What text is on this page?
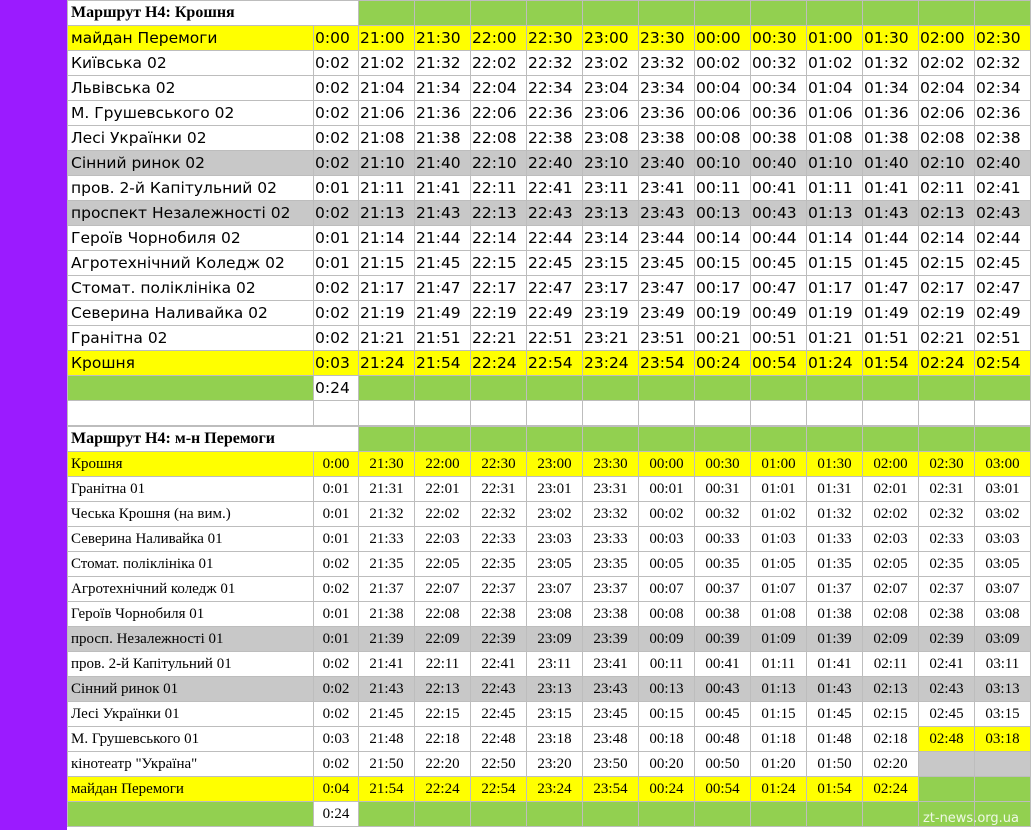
Маршрут Н4: Крошня													
майдан Перемоги	0:00	21:00	21:30	22:00	22:30	23:00	23:30	00:00	00:30	01:00	01:30	02:00	02:30
Київська 02	0:02	21:02	21:32	22:02	22:32	23:02	23:32	00:02	00:32	01:02	01:32	02:02	02:32
Львівська 02	0:02	21:04	21:34	22:04	22:34	23:04	23:34	00:04	00:34	01:04	01:34	02:04	02:34
М. Грушевського 02	0:02	21:06	21:36	22:06	22:36	23:06	23:36	00:06	00:36	01:06	01:36	02:06	02:36
Лесі Українки 02	0:02	21:08	21:38	22:08	22:38	23:08	23:38	00:08	00:38	01:08	01:38	02:08	02:38
Сінний ринок 02	0:02	21:10	21:40	22:10	22:40	23:10	23:40	00:10	00:40	01:10	01:40	02:10	02:40
пров. 2-й Капітульний 02	0:01	21:11	21:41	22:11	22:41	23:11	23:41	00:11	00:41	01:11	01:41	02:11	02:41
проспект Незалежності 02	0:02	21:13	21:43	22:13	22:43	23:13	23:43	00:13	00:43	01:13	01:43	02:13	02:43
Героїв Чорнобиля 02	0:01	21:14	21:44	22:14	22:44	23:14	23:44	00:14	00:44	01:14	01:44	02:14	02:44
Агротехнічний Коледж 02	0:01	21:15	21:45	22:15	22:45	23:15	23:45	00:15	00:45	01:15	01:45	02:15	02:45
Стомат. поліклініка 02	0:02	21:17	21:47	22:17	22:47	23:17	23:47	00:17	00:47	01:17	01:47	02:17	02:47
Северина Наливайка 02	0:02	21:19	21:49	22:19	22:49	23:19	23:49	00:19	00:49	01:19	01:49	02:19	02:49
Гранітна 02	0:02	21:21	21:51	22:21	22:51	23:21	23:51	00:21	00:51	01:21	01:51	02:21	02:51
Крошня	0:03	21:24	21:54	22:24	22:54	23:24	23:54	00:24	00:54	01:24	01:54	02:24	02:54
	0:24												

Маршрут Н4: м-н Перемоги													
Крошня	0:00	21:30	22:00	22:30	23:00	23:30	00:00	00:30	01:00	01:30	02:00	02:30	03:00
Гранітна 01	0:01	21:31	22:01	22:31	23:01	23:31	00:01	00:31	01:01	01:31	02:01	02:31	03:01
Чеська Крошня (на вим.)	0:01	21:32	22:02	22:32	23:02	23:32	00:02	00:32	01:02	01:32	02:02	02:32	03:02
Северина Наливайка 01	0:01	21:33	22:03	22:33	23:03	23:33	00:03	00:33	01:03	01:33	02:03	02:33	03:03
Стомат. поліклініка 01	0:02	21:35	22:05	22:35	23:05	23:35	00:05	00:35	01:05	01:35	02:05	02:35	03:05
Агротехнічний коледж 01	0:02	21:37	22:07	22:37	23:07	23:37	00:07	00:37	01:07	01:37	02:07	02:37	03:07
Героїв Чорнобиля 01	0:01	21:38	22:08	22:38	23:08	23:38	00:08	00:38	01:08	01:38	02:08	02:38	03:08
просп. Незалежності 01	0:01	21:39	22:09	22:39	23:09	23:39	00:09	00:39	01:09	01:39	02:09	02:39	03:09
пров. 2-й Капітульний 01	0:02	21:41	22:11	22:41	23:11	23:41	00:11	00:41	01:11	01:41	02:11	02:41	03:11
Сінний ринок 01	0:02	21:43	22:13	22:43	23:13	23:43	00:13	00:43	01:13	01:43	02:13	02:43	03:13
Лесі Українки 01	0:02	21:45	22:15	22:45	23:15	23:45	00:15	00:45	01:15	01:45	02:15	02:45	03:15
М. Грушевського 01	0:03	21:48	22:18	22:48	23:18	23:48	00:18	00:48	01:18	01:48	02:18	02:48	03:18
кінотеатр "Україна"	0:02	21:50	22:20	22:50	23:20	23:50	00:20	00:50	01:20	01:50	02:20		
майдан Перемоги	0:04	21:54	22:24	22:54	23:24	23:54	00:24	00:54	01:24	01:54	02:24		
	0:24													zt-news.org.ua
